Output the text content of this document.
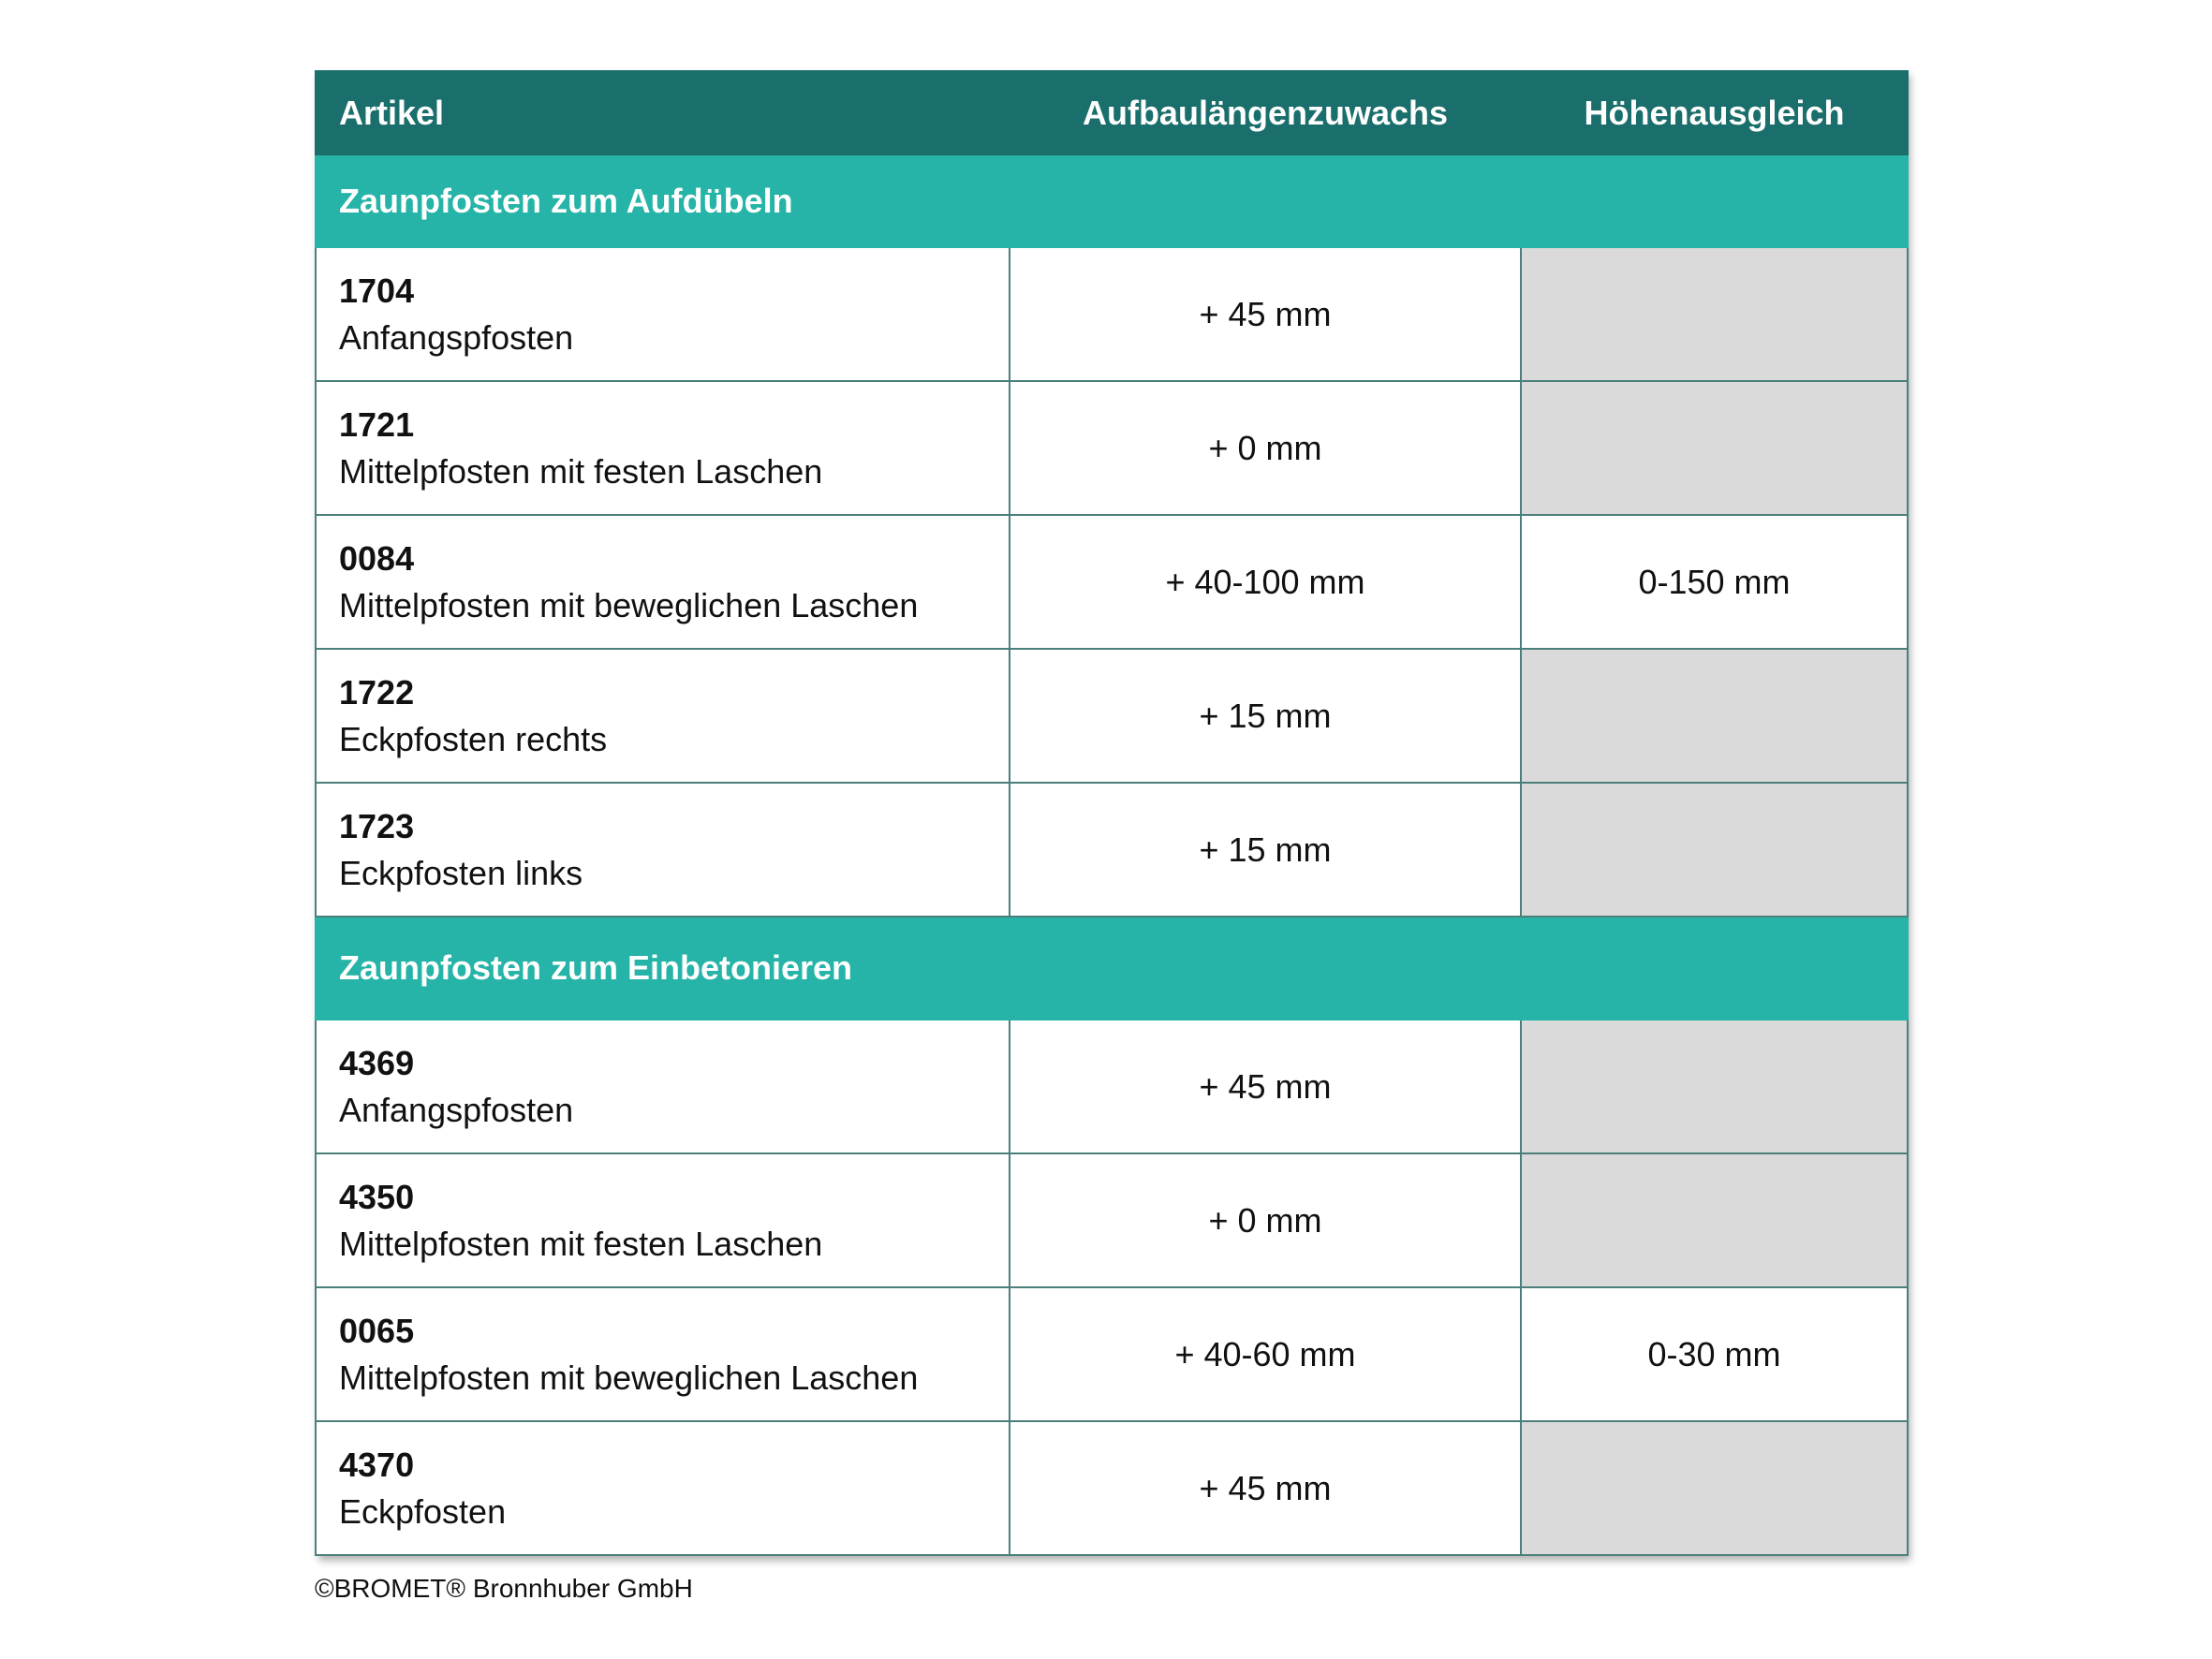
Artikel	Aufbaulängenzuwachs	Höhenausgleich
Zaunpfosten zum Aufdübeln		

1704
Anfangspfosten	+ 45 mm	

1721
Mittelpfosten mit festen Laschen	+ 0 mm	

0084
Mittelpfosten mit beweglichen Laschen	+ 40-100 mm	0-150 mm

1722
Eckpfosten rechts	+ 15 mm	

1723
Eckpfosten links	+ 15 mm	
Zaunpfosten zum Einbetonieren		

4369
Anfangspfosten	+ 45 mm	

4350
Mittelpfosten mit festen Laschen	+ 0 mm	

0065
Mittelpfosten mit beweglichen Laschen	+ 40-60 mm	0-30 mm

4370
Eckpfosten	+ 45 mm	
©BROMET® Bronnhuber GmbH
